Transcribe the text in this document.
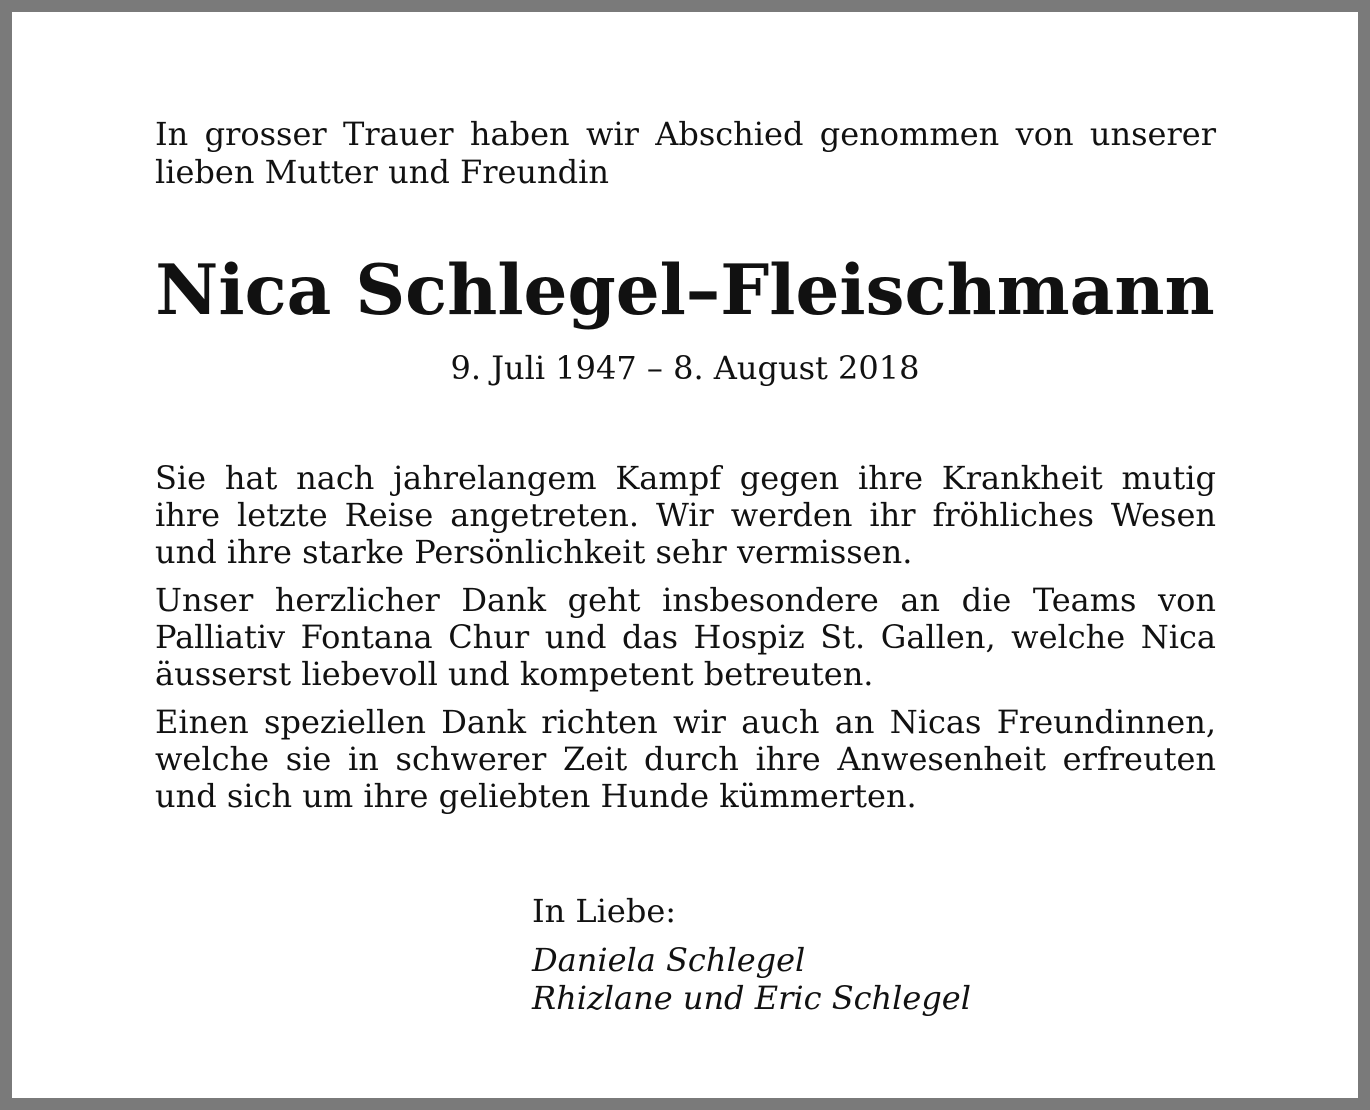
In grosser Trauer haben wir Abschied genommen von unserer lieben Mutter und Freundin

Nica Schlegel–Fleischmann

9. Juli 1947 – 8. August 2018

Sie hat nach jahrelangem Kampf gegen ihre Krankheit mutig ihre letzte Reise angetreten. Wir werden ihr fröhliches Wesen und ihre starke Persönlichkeit sehr vermissen.

Unser herzlicher Dank geht insbesondere an die Teams von Palliativ Fontana Chur und das Hospiz St. Gallen, welche Nica äusserst liebevoll und kompetent betreuten.

Einen speziellen Dank richten wir auch an Nicas Freundinnen, welche sie in schwerer Zeit durch ihre Anwesenheit erfreuten und sich um ihre geliebten Hunde kümmerten.

In Liebe:

Daniela Schlegel

Rhizlane und Eric Schlegel
